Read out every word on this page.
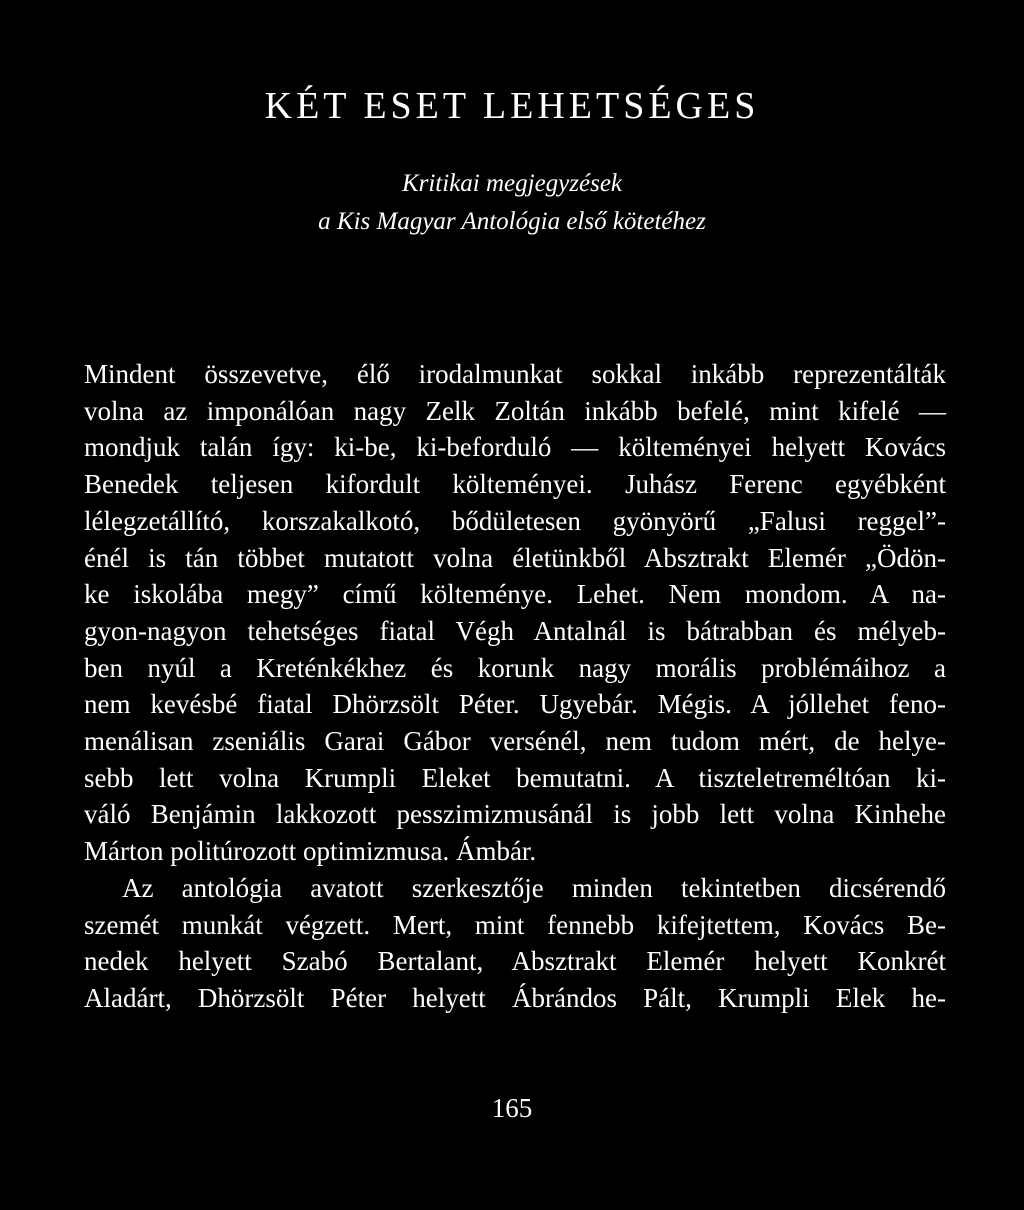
KÉT ESET LEHETSÉGES
Kritikai megjegyzések
a Kis Magyar Antológia első kötetéhez

Mindent összevetve, élő irodalmunkat sokkal inkább reprezentálták
volna az imponálóan nagy Zelk Zoltán inkább befelé, mint kifelé —
mondjuk talán így: ki-be, ki-beforduló — költeményei helyett Kovács
Benedek teljesen kifordult költeményei. Juhász Ferenc egyébként
lélegzetállító, korszakalkotó, bődületesen gyönyörű „Falusi reggel”-
énél is tán többet mutatott volna életünkből Absztrakt Elemér „Ödön-
ke iskolába megy” című költeménye. Lehet. Nem mondom. A na-
gyon-nagyon tehetséges fiatal Végh Antalnál is bátrabban és mélyeb-
ben nyúl a Kreténkékhez és korunk nagy morális problémáihoz a
nem kevésbé fiatal Dhörzsölt Péter. Ugyebár. Mégis. A jóllehet feno-
menálisan zseniális Garai Gábor versénél, nem tudom mért, de helye-
sebb lett volna Krumpli Eleket bemutatni. A tiszteletreméltóan ki-
váló Benjámin lakkozott pesszimizmusánál is jobb lett volna Kinhehe
Márton politúrozott optimizmusa. Ámbár.

Az antológia avatott szerkesztője minden tekintetben dicsérendő
szemét munkát végzett. Mert, mint fennebb kifejtettem, Kovács Be-
nedek helyett Szabó Bertalant, Absztrakt Elemér helyett Konkrét
Aladárt, Dhörzsölt Péter helyett Ábrándos Pált, Krumpli Elek he-

165
